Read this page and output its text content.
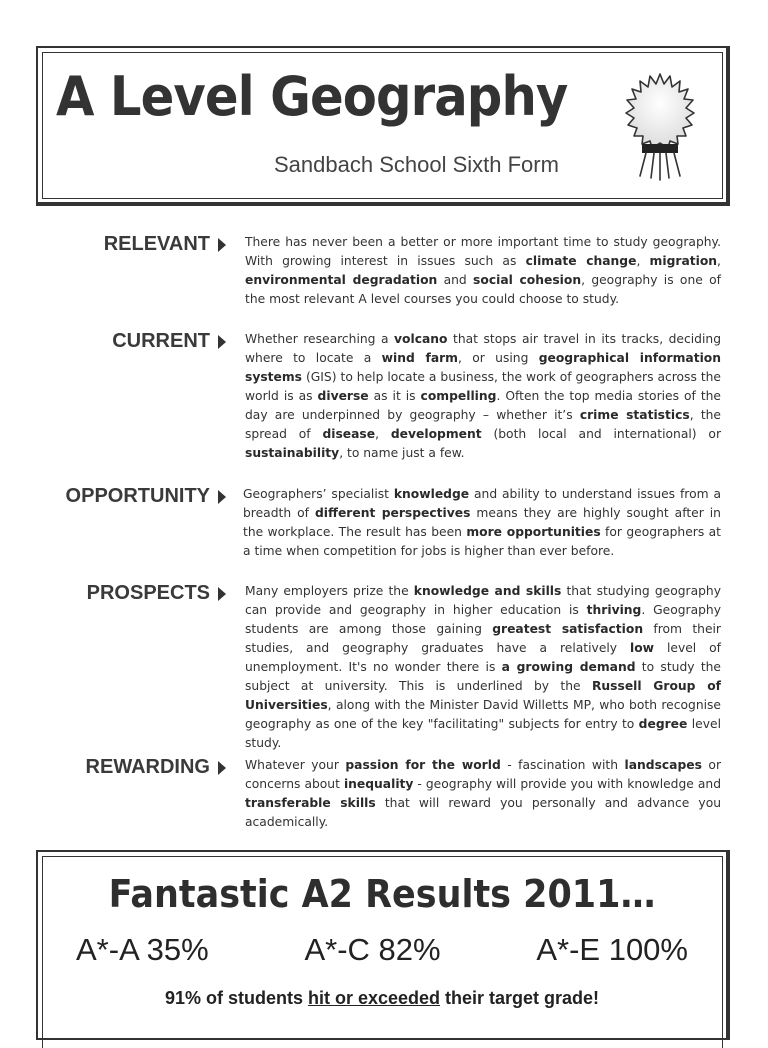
A Level Geography
Sandbach School Sixth Form
RELEVANT	There has never been a better or more important time to study geography. With growing interest in issues such as climate change, migration, environmental degradation and social cohesion, geography is one of the most relevant A level courses you could choose to study.
CURRENT	Whether researching a volcano that stops air travel in its tracks, deciding where to locate a wind farm, or using geographical information systems (GIS) to help locate a business, the work of geographers across the world is as diverse as it is compelling. Often the top media stories of the day are underpinned by geography – whether it’s crime statistics, the spread of disease, development (both local and international) or sustainability, to name just a few.
OPPORTUNITY	Geographers’ specialist knowledge and ability to understand issues from a breadth of different perspectives means they are highly sought after in the workplace. The result has been more opportunities for geographers at a time when competition for jobs is higher than ever before.
PROSPECTS	Many employers prize the knowledge and skills that studying geography can provide and geography in higher education is thriving. Geography students are among those gaining greatest satisfaction from their studies, and geography graduates have a relatively low level of unemployment. It's no wonder there is a growing demand to study the subject at university. This is underlined by the Russell Group of Universities, along with the Minister David Willetts MP, who both recognise geography as one of the key "facilitating" subjects for entry to degree level study.
REWARDING	Whatever your passion for the world - fascination with landscapes or concerns about inequality - geography will provide you with knowledge and transferable skills that will reward you personally and advance you academically.
Fantastic A2 Results 2011…
A*-A 35%	A*-C 82%	A*-E 100%
91% of students hit or exceeded their target grade!
